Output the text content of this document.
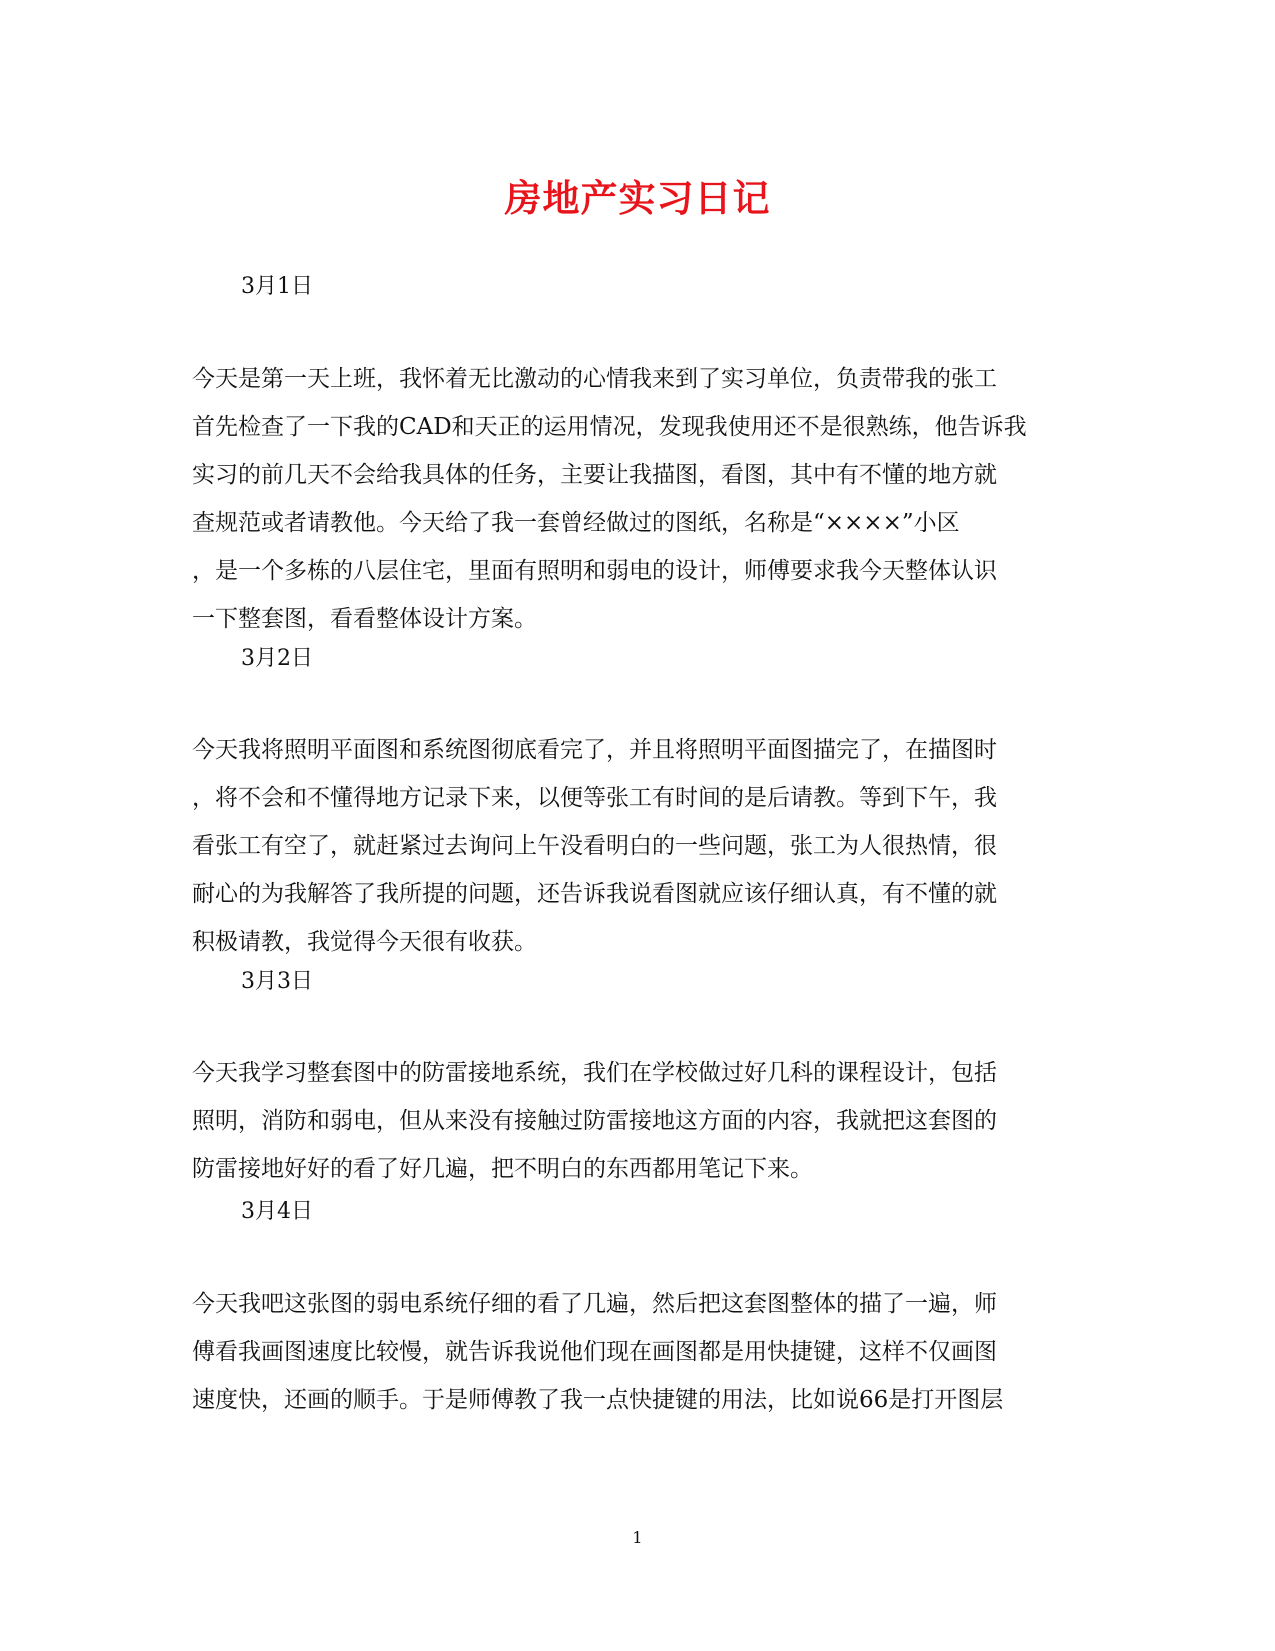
房地产实习日记
3月1日
今天是第一天上班，我怀着无比激动的心情我来到了实习单位，负责带我的张工
首先检查了一下我的CAD和天正的运用情况，发现我使用还不是很熟练，他告诉我
实习的前几天不会给我具体的任务，主要让我描图，看图，其中有不懂的地方就
查规范或者请教他。今天给了我一套曾经做过的图纸，名称是“××××”小区
，是一个多栋的八层住宅，里面有照明和弱电的设计，师傅要求我今天整体认识
一下整套图，看看整体设计方案。
3月2日
今天我将照明平面图和系统图彻底看完了，并且将照明平面图描完了，在描图时
，将不会和不懂得地方记录下来，以便等张工有时间的是后请教。等到下午，我
看张工有空了，就赶紧过去询问上午没看明白的一些问题，张工为人很热情，很
耐心的为我解答了我所提的问题，还告诉我说看图就应该仔细认真，有不懂的就
积极请教，我觉得今天很有收获。
3月3日
今天我学习整套图中的防雷接地系统，我们在学校做过好几科的课程设计，包括
照明，消防和弱电，但从来没有接触过防雷接地这方面的内容，我就把这套图的
防雷接地好好的看了好几遍，把不明白的东西都用笔记下来。
3月4日
今天我吧这张图的弱电系统仔细的看了几遍，然后把这套图整体的描了一遍，师
傅看我画图速度比较慢，就告诉我说他们现在画图都是用快捷键，这样不仅画图
速度快，还画的顺手。于是师傅教了我一点快捷键的用法，比如说66是打开图层
1
